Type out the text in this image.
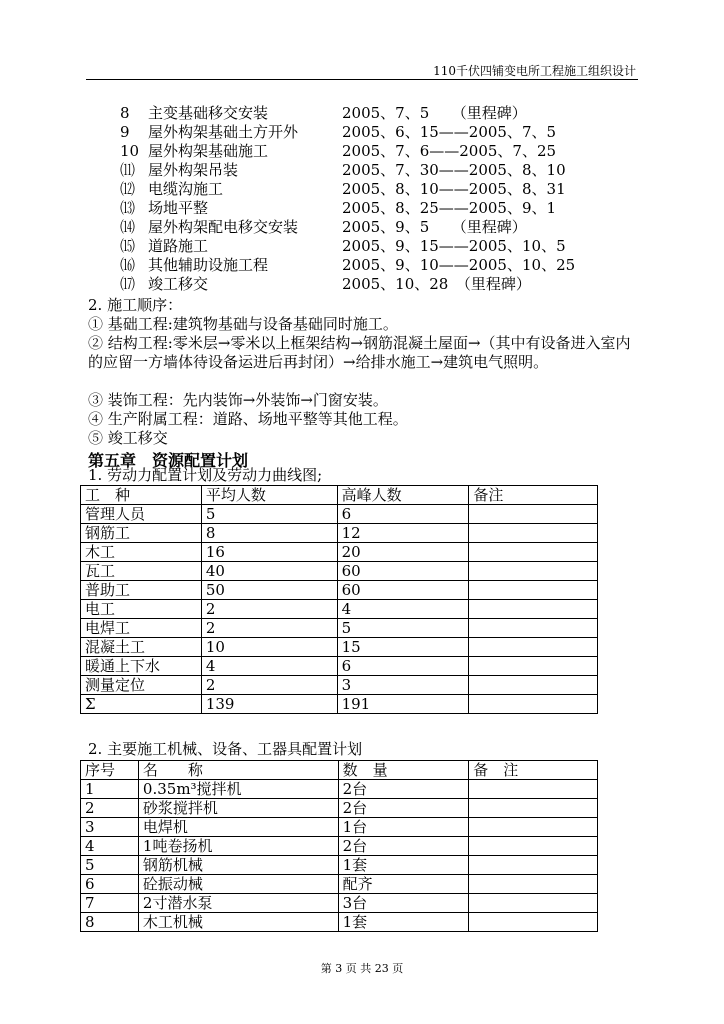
110千伏四铺变电所工程施工组织设计
8 主变基础移交安装	2005、7、5　　（里程碑）
9 屋外构架基础土方开外	2005、6、15——2005、7、5
10 屋外构架基础施工	2005、7、6——2005、7、25
⑾ 屋外构架吊装	2005、7、30——2005、8、10
⑿ 电缆沟施工	2005、8、10——2005、8、31
⒀ 场地平整	2005、8、25——2005、9、1
⒁ 屋外构架配电移交安装	2005、9、5　　（里程碑）
⒂ 道路施工	2005、9、15——2005、10、5
⒃ 其他辅助设施工程	2005、9、10——2005、10、25
⒄ 竣工移交	2005、10、28　（里程碑）
2. 施工顺序：
① 基础工程:建筑物基础与设备基础同时施工。
② 结构工程:零米层→零米以上框架结构→钢筋混凝土屋面→（其中有设备进入室内的应留一方墙体待设备运进后再封闭）→给排水施工→建筑电气照明。
③ 装饰工程：先内装饰→外装饰→门窗安装。
④ 生产附属工程：道路、场地平整等其他工程。
⑤ 竣工移交
第五章　资源配置计划
1. 劳动力配置计划及劳动力曲线图;
工　种	平均人数	高峰人数	备注
管理人员	5	6	
钢筋工	8	12	
木工	16	20	
瓦工	40	60	
普助工	50	60	
电工	2	4	
电焊工	2	5	
混凝土工	10	15	
暖通上下水	4	6	
测量定位	2	3	
Σ	139	191	
2. 主要施工机械、设备、工器具配置计划
序号	名　　称	数　量	备　注
1	0.35m³搅拌机	2台	
2	砂浆搅拌机	2台	
3	电焊机	1台	
4	1吨卷扬机	2台	
5	钢筋机械	1套	
6	砼振动械	配齐	
7	2寸潜水泵	3台	
8	木工机械	1套	
第 3 页 共 23 页
